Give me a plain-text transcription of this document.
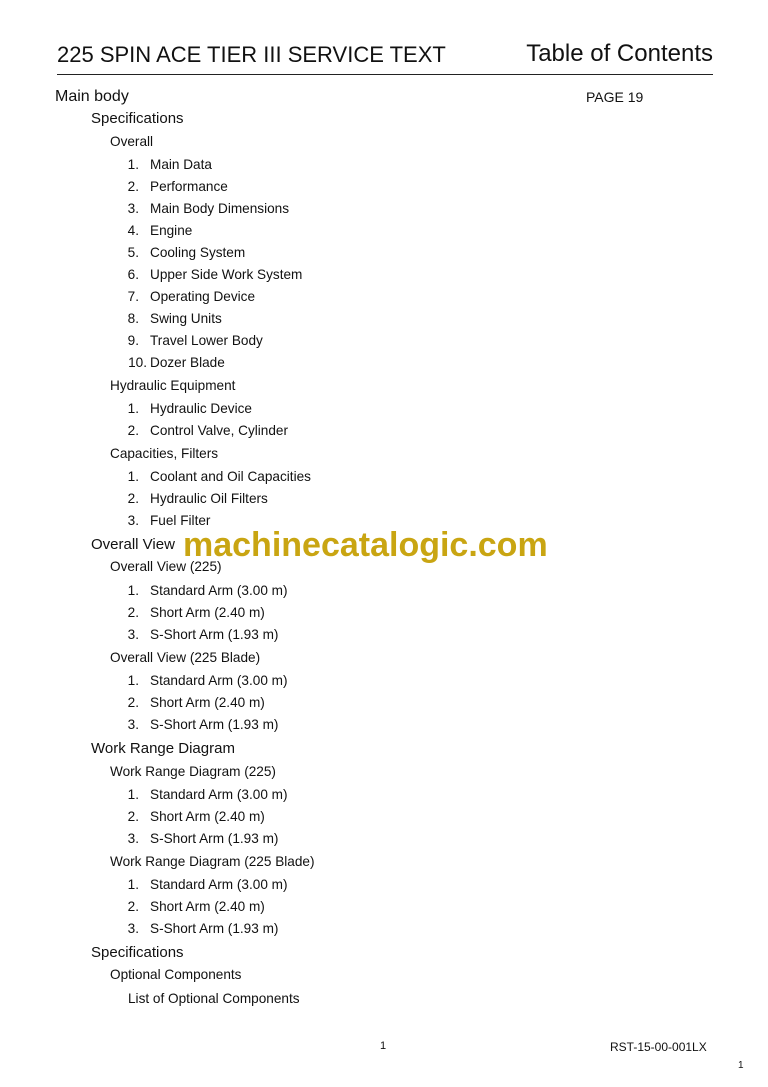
225 SPIN ACE TIER III SERVICE TEXT	Table of Contents
Main body	PAGE 19
Specifications
Overall
1. Main Data
2. Performance
3. Main Body Dimensions
4. Engine
5. Cooling System
6. Upper Side Work System
7. Operating Device
8. Swing Units
9. Travel Lower Body
10. Dozer Blade
Hydraulic Equipment
1. Hydraulic Device
2. Control Valve, Cylinder
Capacities, Filters
1. Coolant and Oil Capacities
2. Hydraulic Oil Filters
3. Fuel Filter
Overall View machinecatalogic.com
Overall View (225)
1. Standard Arm (3.00 m)
2. Short Arm (2.40 m)
3. S-Short Arm (1.93 m)
Overall View (225 Blade)
1. Standard Arm (3.00 m)
2. Short Arm (2.40 m)
3. S-Short Arm (1.93 m)
Work Range Diagram
Work Range Diagram (225)
1. Standard Arm (3.00 m)
2. Short Arm (2.40 m)
3. S-Short Arm (1.93 m)
Work Range Diagram (225 Blade)
1. Standard Arm (3.00 m)
2. Short Arm (2.40 m)
3. S-Short Arm (1.93 m)
Specifications
Optional Components
List of Optional Components
1	RST-15-00-001LX
1
